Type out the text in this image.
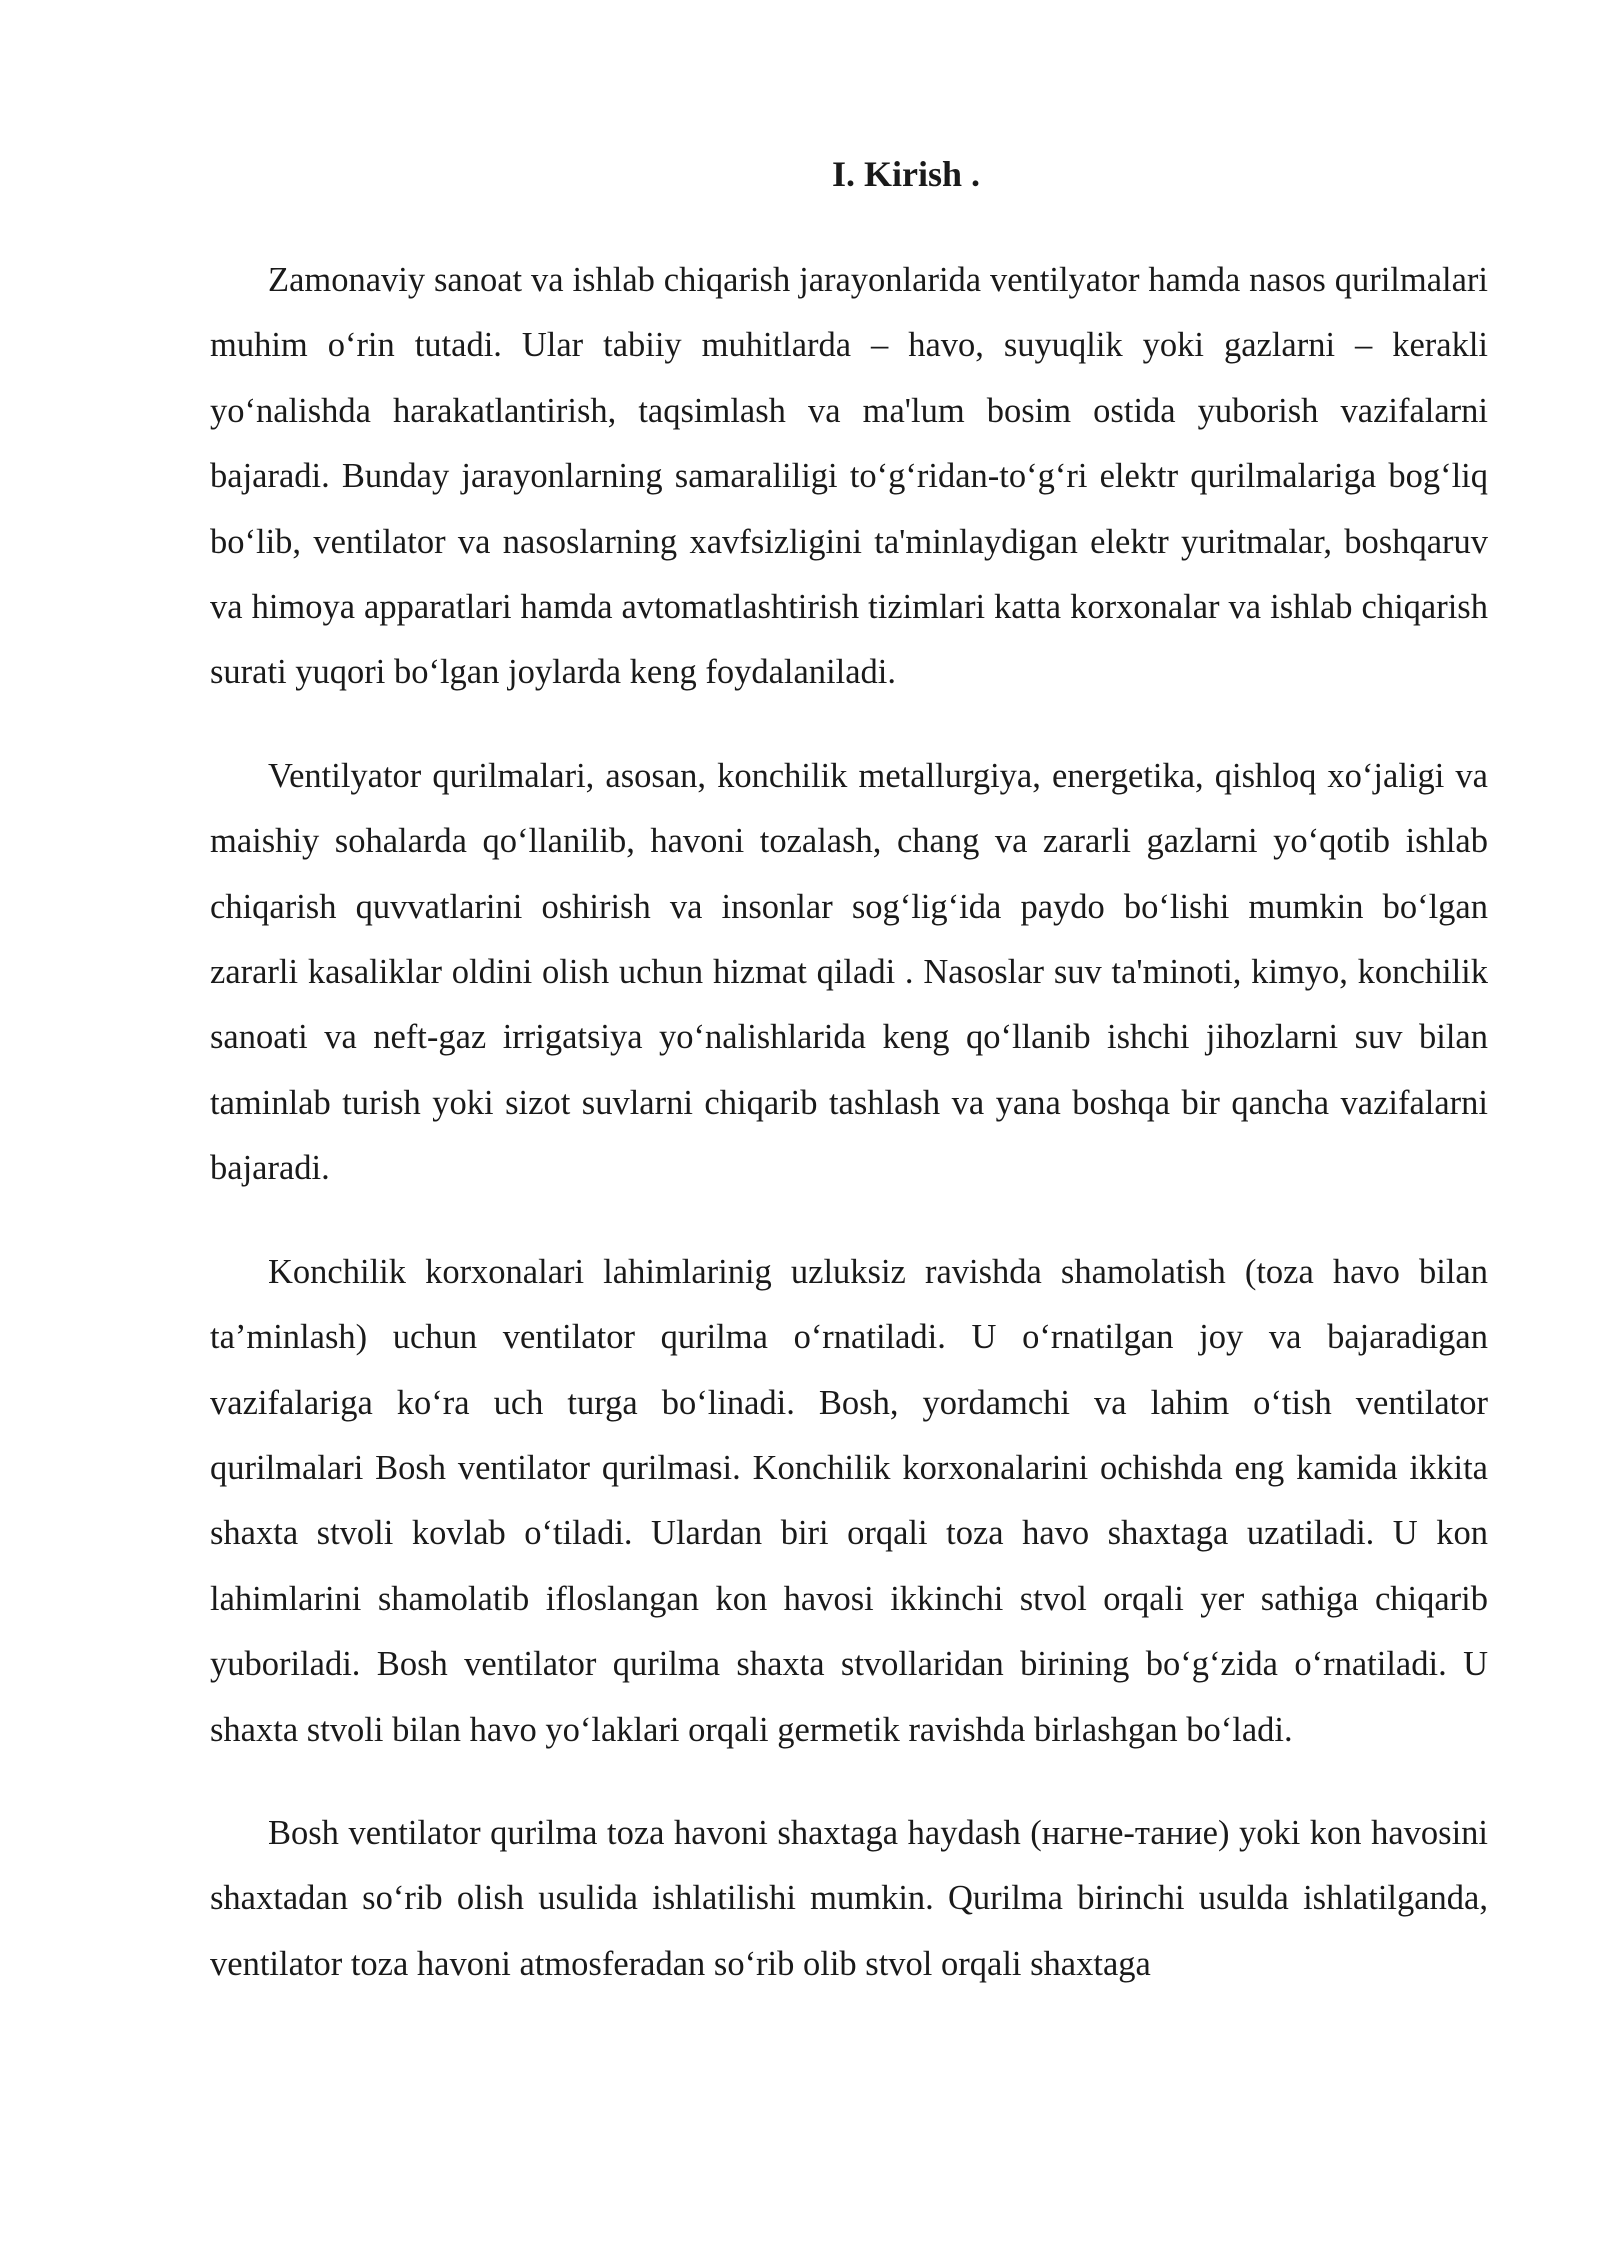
I. Kirish .

Zamonaviy sanoat va ishlab chiqarish jarayonlarida ventilyator hamda nasos qurilmalari muhim o‘rin tutadi. Ular tabiiy muhitlarda – havo, suyuqlik yoki gazlarni – kerakli yo‘nalishda harakatlantirish, taqsimlash va ma'lum bosim ostida yuborish vazifalarni bajaradi. Bunday jarayonlarning samaraliligi to‘g‘ridan-to‘g‘ri elektr qurilmalariga bog‘liq bo‘lib, ventilator va nasoslarning xavfsizligini ta'minlaydigan elektr yuritmalar, boshqaruv va himoya apparatlari hamda avtomatlashtirish tizimlari katta korxonalar va ishlab chiqarish surati yuqori bo‘lgan joylarda keng foydalaniladi.

Ventilyator qurilmalari, asosan, konchilik metallurgiya, energetika, qishloq xo‘jaligi va maishiy sohalarda qo‘llanilib, havoni tozalash, chang va zararli gazlarni yo‘qotib ishlab chiqarish quvvatlarini oshirish va insonlar sog‘lig‘ida paydo bo‘lishi mumkin bo‘lgan zararli kasaliklar oldini olish uchun hizmat qiladi . Nasoslar suv ta'minoti, kimyo, konchilik sanoati va neft-gaz irrigatsiya yo‘nalishlarida keng qo‘llanib ishchi jihozlarni suv bilan taminlab turish yoki sizot suvlarni chiqarib tashlash va yana boshqa bir qancha vazifalarni bajaradi.

Konchilik korxonalari lahimlarinig uzluksiz ravishda shamolatish (toza havo bilan ta’minlash) uchun ventilator qurilma o‘rnatiladi. U o‘rnatilgan joy va bajaradigan vazifalariga ko‘ra uch turga bo‘linadi. Bosh, yordamchi va lahim o‘tish ventilator qurilmalari Bosh ventilator qurilmasi. Konchilik korxonalarini ochishda eng kamida ikkita shaxta stvoli kovlab o‘tiladi. Ulardan biri orqali toza havo shaxtaga uzatiladi. U kon lahimlarini shamolatib ifloslangan kon havosi ikkinchi stvol orqali yer sathiga chiqarib yuboriladi. Bosh ventilator qurilma shaxta stvollaridan birining bo‘g‘zida o‘rnatiladi. U shaxta stvoli bilan havo yo‘laklari orqali germetik ravishda birlashgan bo‘ladi.

Bosh ventilator qurilma toza havoni shaxtaga haydash (нагне-тание) yoki kon havosini shaxtadan so‘rib olish usulida ishlatilishi mumkin. Qurilma birinchi usulda ishlatilganda, ventilator toza havoni atmosferadan so‘rib olib stvol orqali shaxtaga
